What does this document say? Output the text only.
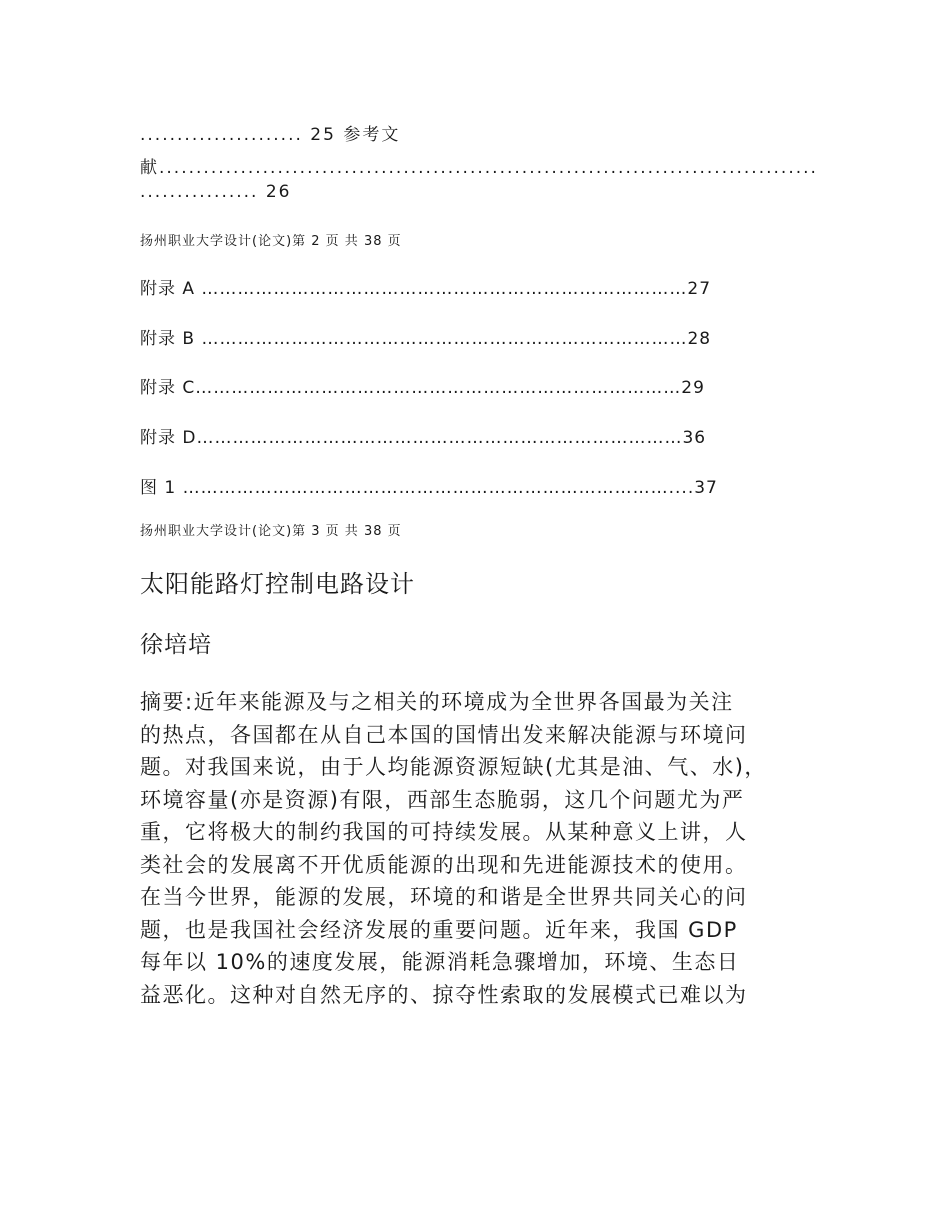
...................... 25 参考文
献.........................................................................................
................ 26
扬州职业大学设计(论文)第 2 页 共 38 页
附录 A ………………………………………………………………………27
附录 B ………………………………………………………………………28
附录 C………………………………………………………………………29
附录 D………………………………………………………………………36
图 1 ………………………………………………………………………....37
扬州职业大学设计(论文)第 3 页 共 38 页
太阳能路灯控制电路设计
徐培培
摘要:近年来能源及与之相关的环境成为全世界各国最为关注
的热点，各国都在从自己本国的国情出发来解决能源与环境问
题。对我国来说，由于人均能源资源短缺(尤其是油、气、水)，
环境容量(亦是资源)有限，西部生态脆弱，这几个问题尤为严
重，它将极大的制约我国的可持续发展。从某种意义上讲，人
类社会的发展离不开优质能源的出现和先进能源技术的使用。
在当今世界，能源的发展，环境的和谐是全世界共同关心的问
题，也是我国社会经济发展的重要问题。近年来，我国 GDP
每年以 10%的速度发展，能源消耗急骤增加，环境、生态日
益恶化。这种对自然无序的、掠夺性索取的发展模式已难以为
